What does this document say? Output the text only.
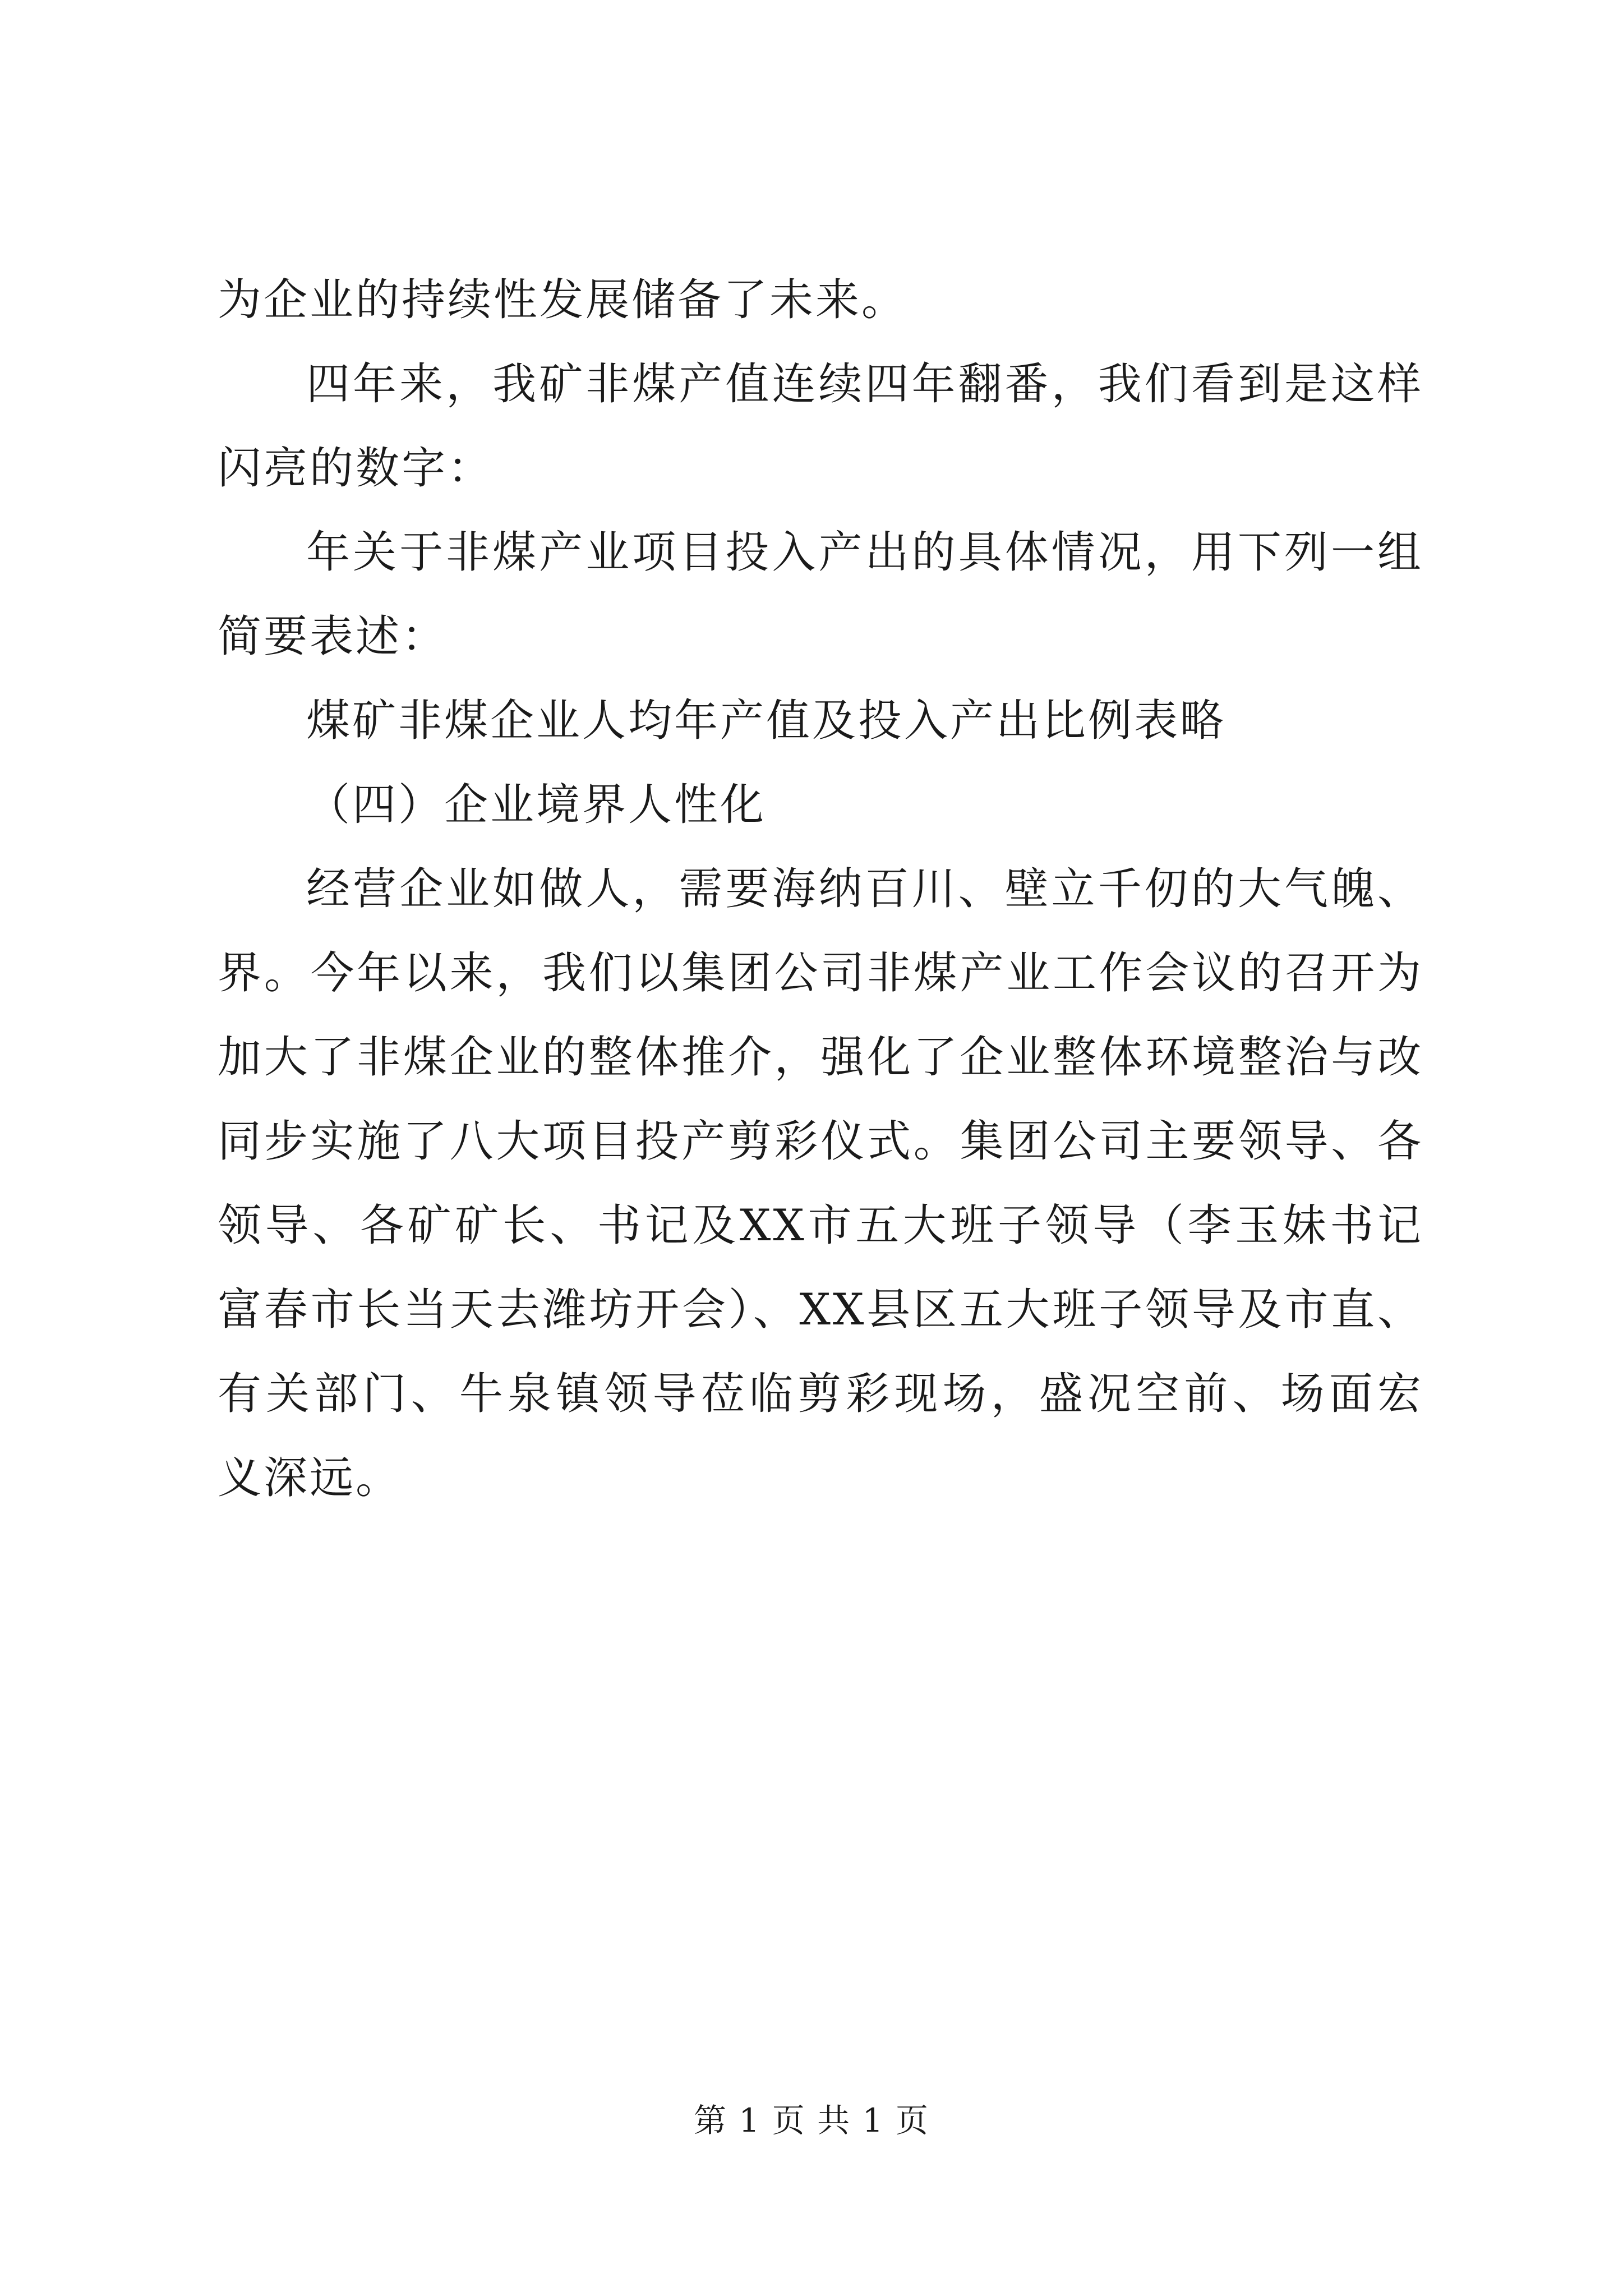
为企业的持续性发展储备了未来。
四年来，我矿非煤产值连续四年翻番，我们看到是这样
闪亮的数字：
年关于非煤产业项目投入产出的具体情况，用下列一组
简要表述：
煤矿非煤企业人均年产值及投入产出比例表略
（四）企业境界人性化
经营企业如做人，需要海纳百川、壁立千仞的大气魄、
界。今年以来，我们以集团公司非煤产业工作会议的召开为
加大了非煤企业的整体推介，强化了企业整体环境整治与改
同步实施了八大项目投产剪彩仪式。集团公司主要领导、各
领导、各矿矿长、书记及XX市五大班子领导（李玉妹书记
富春市长当天去潍坊开会）、XX县区五大班子领导及市直、
有关部门、牛泉镇领导莅临剪彩现场，盛况空前、场面宏
义深远。
第 1 页 共 1 页
